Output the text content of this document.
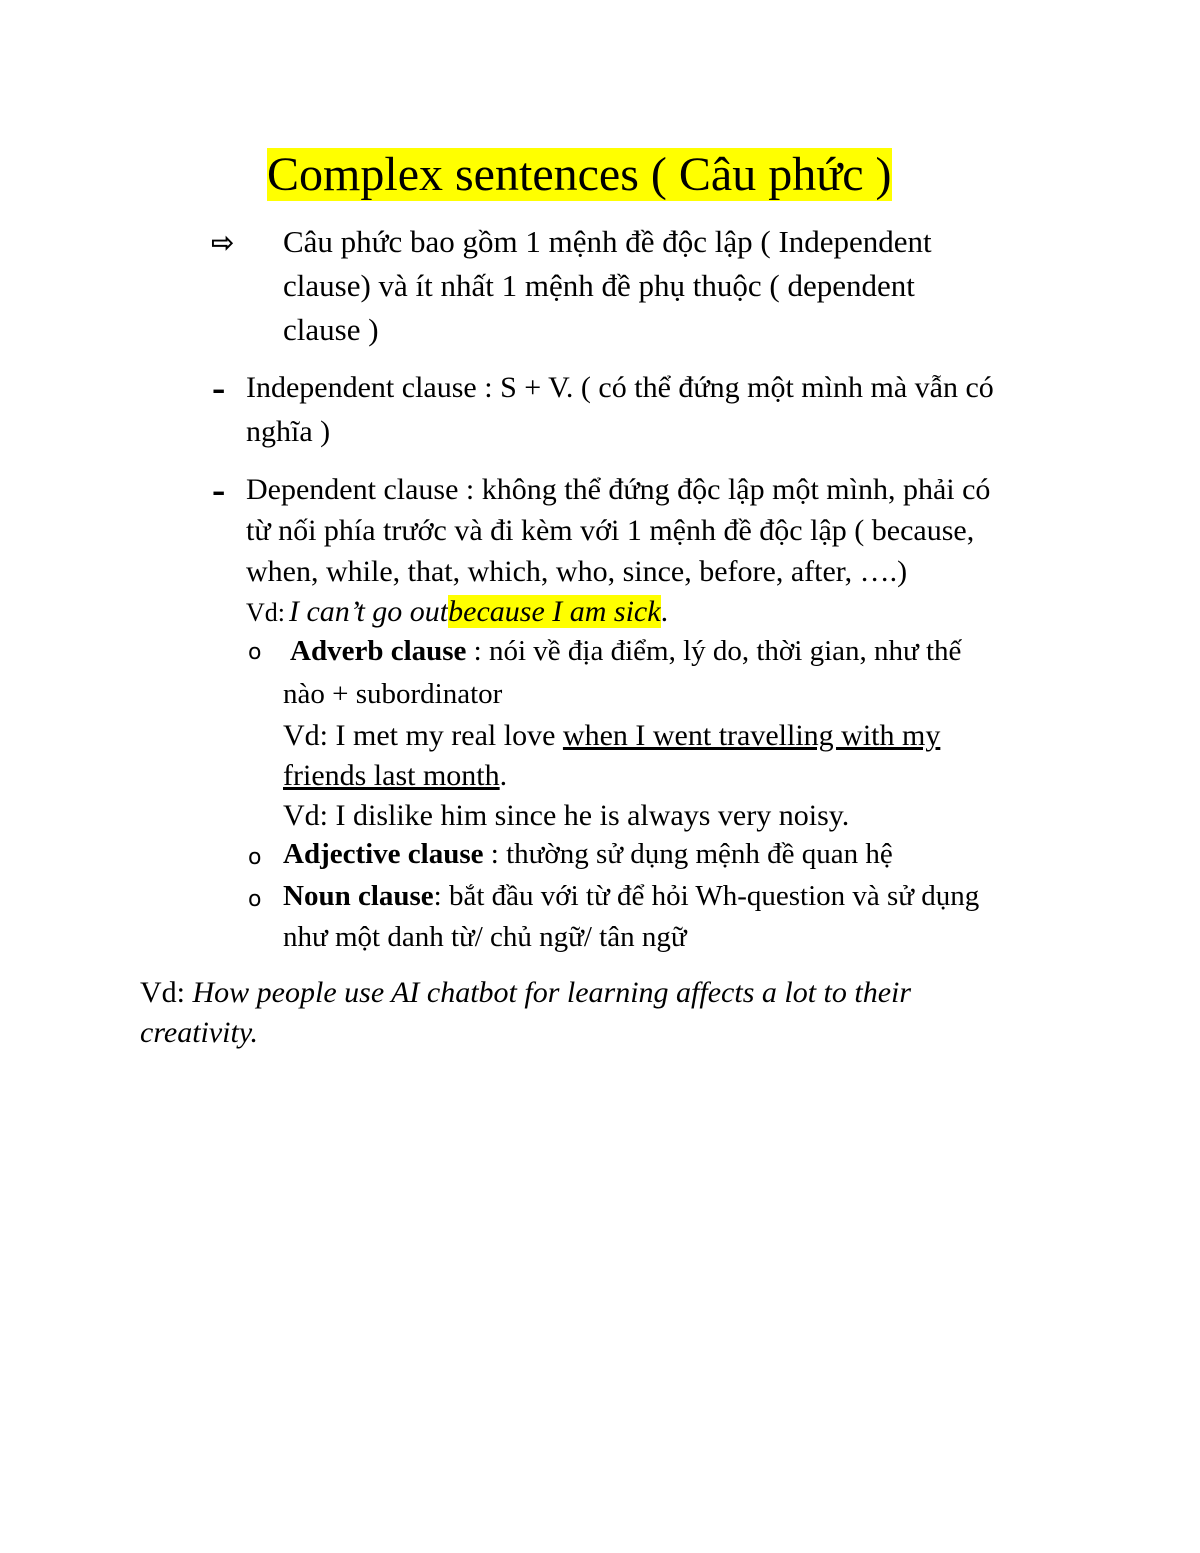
Complex sentences ( Câu phức )
⇨ Câu phức bao gồm 1 mệnh đề độc lập ( Independent
clause) và ít nhất 1 mệnh đề phụ thuộc ( dependent
clause )
- Independent clause : S + V. ( có thể đứng một mình mà vẫn có
nghĩa )
- Dependent clause : không thể đứng độc lập một mình, phải có
từ nối phía trước và đi kèm với 1 mệnh đề độc lập ( because,
when, while, that, which, who, since, before, after, ….)
Vd: I can’t go outbecause I am sick.
o Adverb clause : nói về địa điểm, lý do, thời gian, như thế
nào + subordinator
Vd: I met my real love when I went travelling with my
friends last month.
Vd: I dislike him since he is always very noisy.
o Adjective clause : thường sử dụng mệnh đề quan hệ
o Noun clause: bắt đầu với từ để hỏi Wh-question và sử dụng
như một danh từ/ chủ ngữ/ tân ngữ
Vd: How people use AI chatbot for learning affects a lot to their
creativity.
